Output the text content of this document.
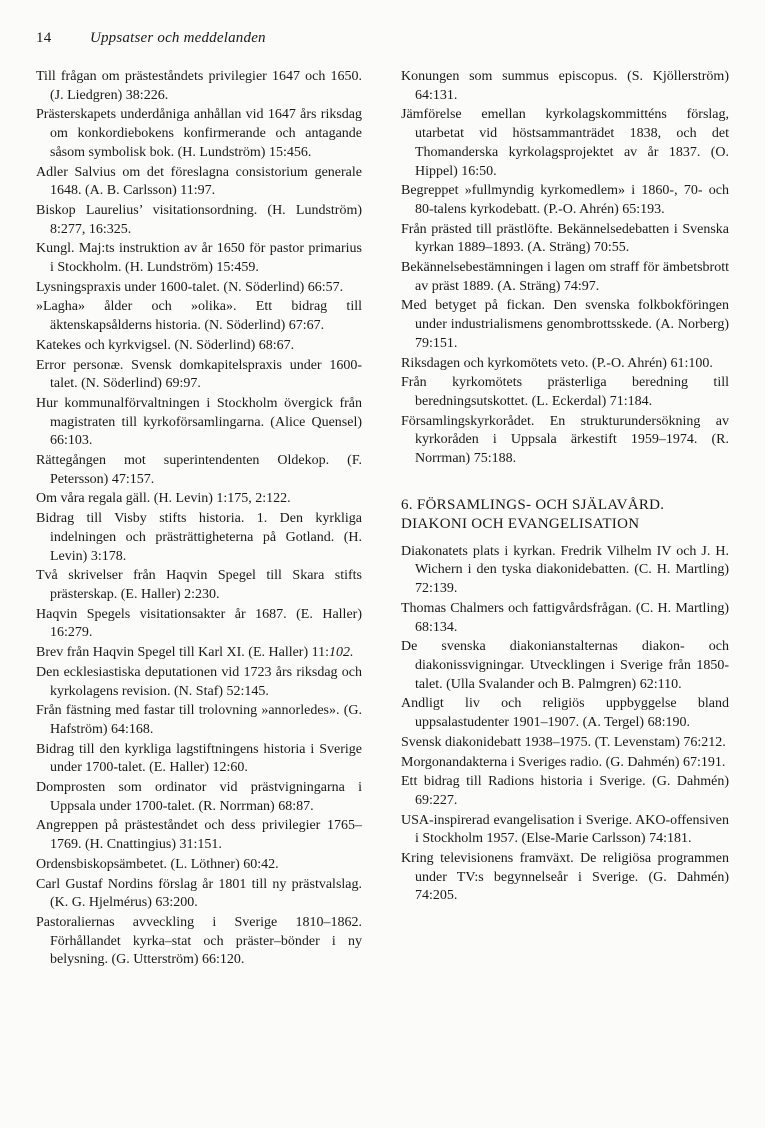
14	Uppsatser och meddelanden

Till frågan om prästeståndets privilegier 1647 och 1650. (J. Liedgren) 38:226.

Prästerskapets underdåniga anhållan vid 1647 års riksdag om konkordiebokens konfirmerande och antagande såsom symbolisk bok. (H. Lundström) 15:456.

Adler Salvius om det föreslagna consistorium generale 1648. (A. B. Carlsson) 11:97.

Biskop Laurelius’ visitationsordning. (H. Lundström) 8:277, 16:325.

Kungl. Maj:ts instruktion av år 1650 för pastor primarius i Stockholm. (H. Lundström) 15:459.

Lysningspraxis under 1600-talet. (N. Söderlind) 66:57.

»Lagha» ålder och »olika». Ett bidrag till äktenskapsålderns historia. (N. Söderlind) 67:67.

Katekes och kyrkvigsel. (N. Söderlind) 68:67.

Error personæ. Svensk domkapitelspraxis under 1600-talet. (N. Söderlind) 69:97.

Hur kommunalförvaltningen i Stockholm övergick från magistraten till kyrkoförsamlingarna. (Alice Quensel) 66:103.

Rättegången mot superintendenten Oldekop. (F. Petersson) 47:157.

Om våra regala gäll. (H. Levin) 1:175, 2:122.

Bidrag till Visby stifts historia. 1. Den kyrkliga indelningen och prästrättigheterna på Gotland. (H. Levin) 3:178.

Två skrivelser från Haqvin Spegel till Skara stifts prästerskap. (E. Haller) 2:230.

Haqvin Spegels visitationsakter år 1687. (E. Haller) 16:279.

Brev från Haqvin Spegel till Karl XI. (E. Haller) 11:102.

Den ecklesiastiska deputationen vid 1723 års riksdag och kyrkolagens revision. (N. Staf) 52:145.

Från fästning med fastar till trolovning »annorledes». (G. Hafström) 64:168.

Bidrag till den kyrkliga lagstiftningens historia i Sverige under 1700-talet. (E. Haller) 12:60.

Domprosten som ordinator vid prästvigningarna i Uppsala under 1700-talet. (R. Norrman) 68:87.

Angreppen på prästeståndet och dess privilegier 1765–1769. (H. Cnattingius) 31:151.

Ordensbiskopsämbetet. (L. Löthner) 60:42.

Carl Gustaf Nordins förslag år 1801 till ny prästvalslag. (K. G. Hjelmérus) 63:200.

Pastoraliernas avveckling i Sverige 1810–1862. Förhållandet kyrka–stat och präster–bönder i ny belysning. (G. Utterström) 66:120.

Konungen som summus episcopus. (S. Kjöllerström) 64:131.

Jämförelse emellan kyrkolagskommitténs förslag, utarbetat vid höstsammanträdet 1838, och det Thomanderska kyrkolagsprojektet av år 1837. (O. Hippel) 16:50.

Begreppet »fullmyndig kyrkomedlem» i 1860-, 70- och 80-talens kyrkodebatt. (P.-O. Ahrén) 65:193.

Från prästed till prästlöfte. Bekännelsedebatten i Svenska kyrkan 1889–1893. (A. Sträng) 70:55.

Bekännelsebestämningen i lagen om straff för ämbetsbrott av präst 1889. (A. Sträng) 74:97.

Med betyget på fickan. Den svenska folkbokföringen under industrialismens genombrottsskede. (A. Norberg) 79:151.

Riksdagen och kyrkomötets veto. (P.-O. Ahrén) 61:100.

Från kyrkomötets prästerliga beredning till beredningsutskottet. (L. Eckerdal) 71:184.

Församlingskyrkorådet. En strukturundersökning av kyrkoråden i Uppsala ärkestift 1959–1974. (R. Norrman) 75:188.

6. FÖRSAMLINGS- OCH SJÄLAVÅRD.
DIAKONI OCH EVANGELISATION

Diakonatets plats i kyrkan. Fredrik Vilhelm IV och J. H. Wichern i den tyska diakonidebatten. (C. H. Martling) 72:139.

Thomas Chalmers och fattigvårdsfrågan. (C. H. Martling) 68:134.

De svenska diakonianstalternas diakon- och diakonissvigningar. Utvecklingen i Sverige från 1850-talet. (Ulla Svalander och B. Palmgren) 62:110.

Andligt liv och religiös uppbyggelse bland uppsalastudenter 1901–1907. (A. Tergel) 68:190.

Svensk diakonidebatt 1938–1975. (T. Levenstam) 76:212.

Morgonandakterna i Sveriges radio. (G. Dahmén) 67:191.

Ett bidrag till Radions historia i Sverige. (G. Dahmén) 69:227.

USA-inspirerad evangelisation i Sverige. AKO-offensiven i Stockholm 1957. (Else-Marie Carlsson) 74:181.

Kring televisionens framväxt. De religiösa programmen under TV:s begynnelseår i Sverige. (G. Dahmén) 74:205.
